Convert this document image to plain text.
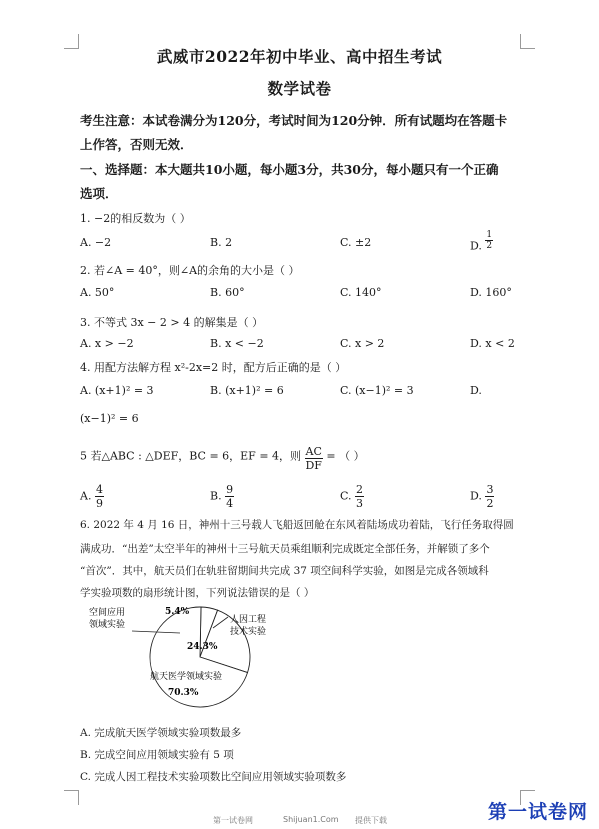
武威市2022年初中毕业、高中招生考试
数学试卷
考生注意：本试卷满分为120分，考试时间为120分钟．所有试题均在答题卡
上作答，否则无效．
一、选择题：本大题共10小题，每小题3分，共30分，每小题只有一个正确
选项．
1. −2的相反数为（ ）
A. −2	B. 2	C. ±2	D. $\frac{1}{2}$
2. 若∠A = 40°，则∠A的余角的大小是（ ）
A. 50°	B. 60°	C. 140°	D. 160°
3. 不等式 3x − 2 > 4 的解集是（ ）
A. x > −2	B. x < −2	C. x > 2	D. x < 2
4. 用配方法解方程 x²-2x=2 时，配方后正确的是（ ）
A. (x+1)² = 3	B. (x+1)² = 6	C. (x−1)² = 3	D.
(x−1)² = 6
5 若△ABC : △DEF，BC = 6，EF = 4，则 $\frac{AC}{DF}$ = （ ）
A. $\frac{4}{9}$	B. $\frac{9}{4}$	C. $\frac{2}{3}$	D. $\frac{3}{2}$
6. 2022 年 4 月 16 日，神州十三号载人飞船返回舱在东风着陆场成功着陆，飞行任务取得圆
满成功．“出差”太空半年的神州十三号航天员乘组顺利完成既定全部任务，并解锁了多个
“首次”．其中，航天员们在轨驻留期间共完成 37 项空间科学实验，如图是完成各领域科
学实验项数的扇形统计图，下列说法错误的是（ ）
空间应用
领域实验
5.4%
人因工程
技术实验
24.3%
航天医学领域实验
70.3%
A. 完成航天医学领域实验项数最多
B. 完成空间应用领域实验有 5 项
C. 完成人因工程技术实验项数比空间应用领域实验项数多
第一试卷网	Shijuan1.Com 提供下载	第一试卷网
